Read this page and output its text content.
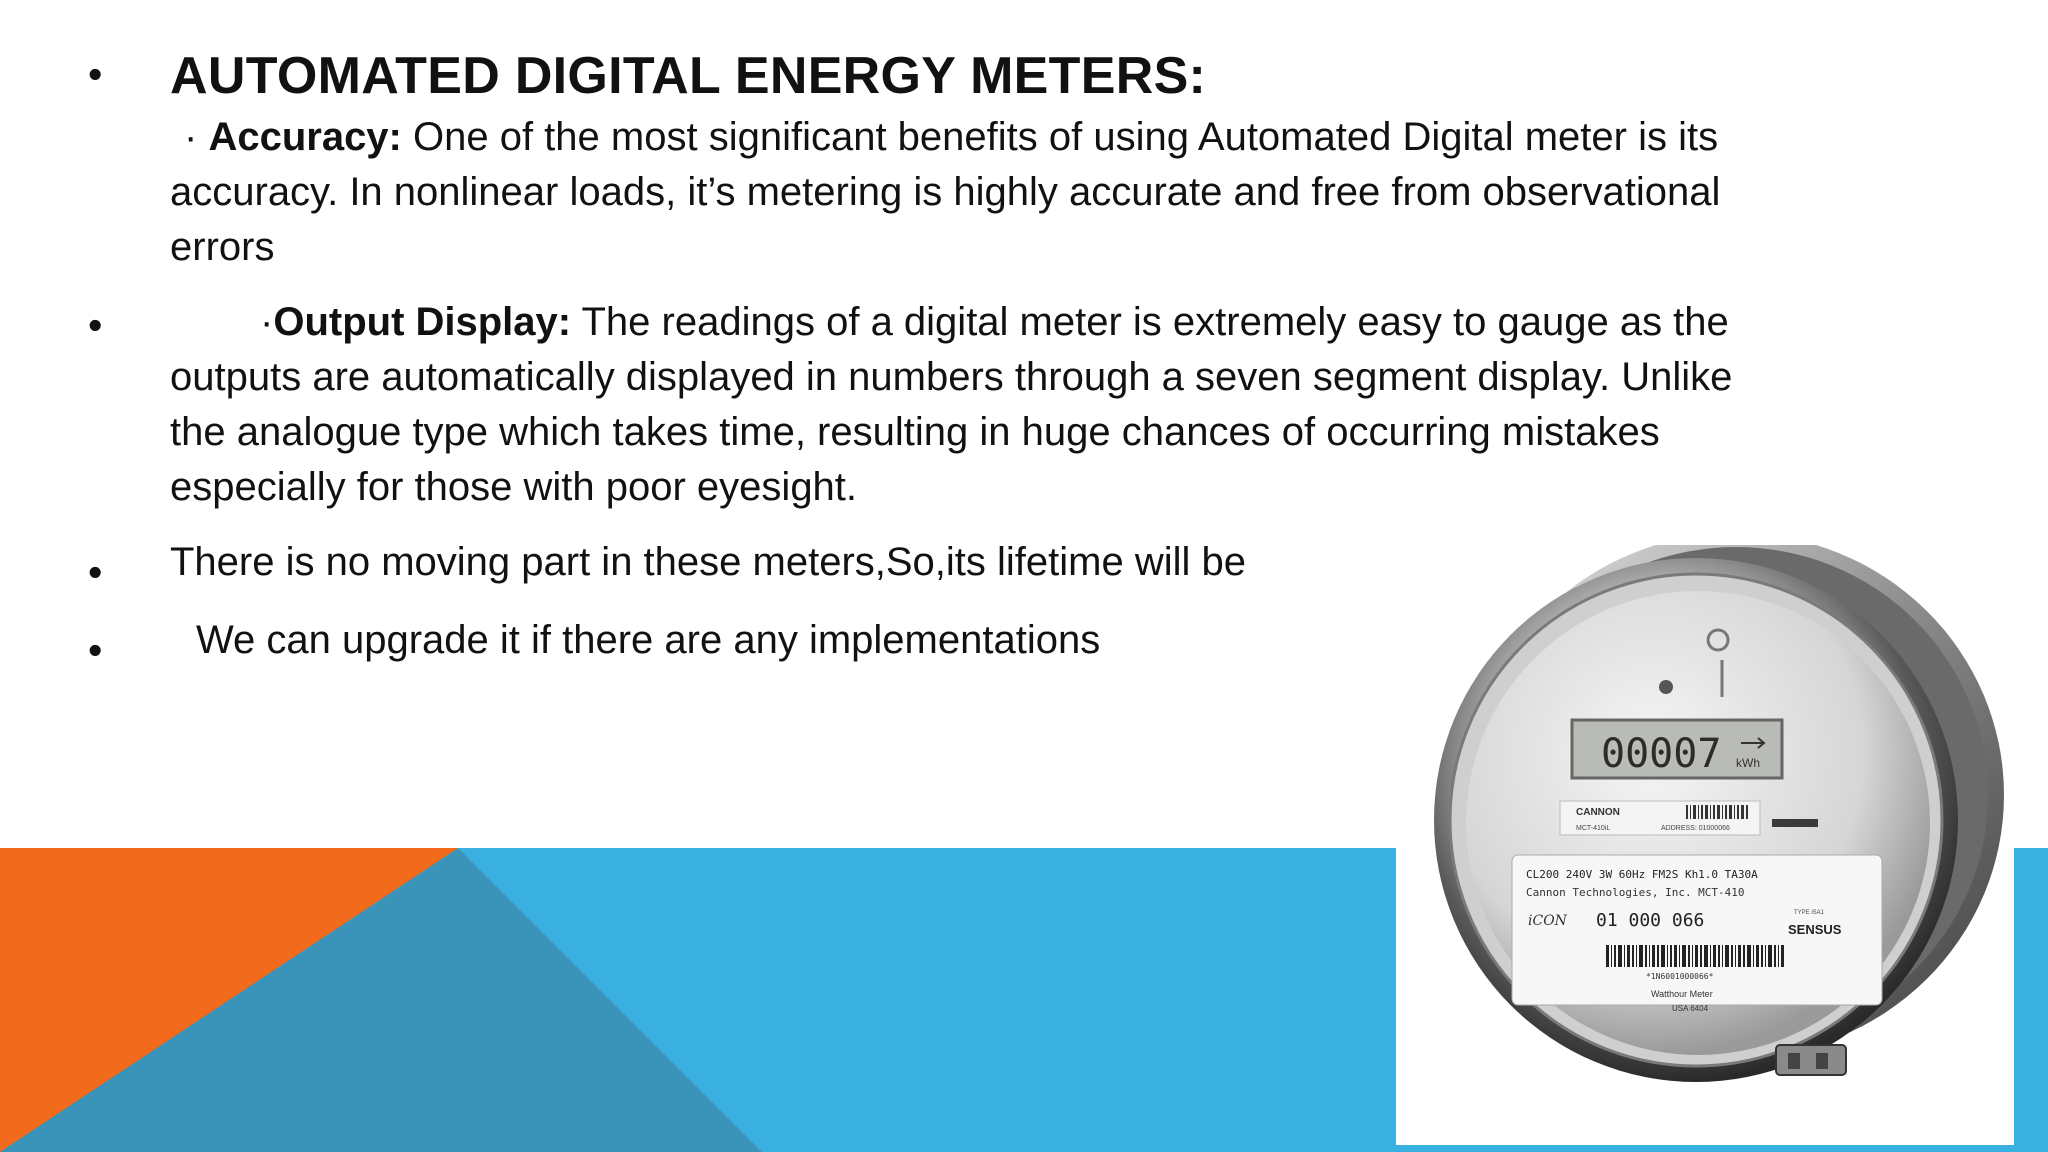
• AUTOMATED DIGITAL ENERGY METERS:
· Accuracy: One of the most significant benefits of using Automated Digital meter is its
accuracy. In nonlinear loads, it’s metering is highly accurate and free from observational
errors
•	·Output Display: The readings of a digital meter is extremely easy to gauge as the
outputs are automatically displayed in numbers through a seven segment display. Unlike
the analogue type which takes time, resulting in huge chances of occurring mistakes
especially for those with poor eyesight.
• There is no moving part in these meters,So,its lifetime will be
• We can upgrade it if there are any implementations
00007 kWh
CANNON
MCT-410iL	ADDRESS: 01000066
CL200 240V 3W 60Hz FM2S Kh1.0 TA30A
Cannon Technologies, Inc. MCT-410
iCON 01 000 066	TYPE iSA1
SENSUS
*1N6001000066*
Watthour Meter
USA 6404
